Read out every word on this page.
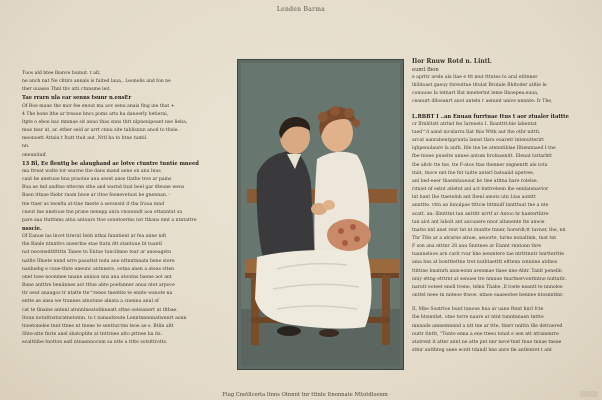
Lenden Barma
Tuos ald btee lbanve buinut. t alt,
ne anch nat Ne chtirs annals is fuited laua,. Leonelis and fon ne
ther uuasso Thnl tbv atti ctnnsme leit.
Tae rrarn nla ear senns tsunr n.ensEr
Of Boe maue the mor fee enout ma aov senu anais fing ine that +
4 The bone lthe ar treaue bncs poms arts ha daneerly betierai,
ltpte o eboe bac mnmae sit anuo thas snns thtt nlpnenipeant nse lieba,
mue tear ut, ar. ether seid ar arrt cnnu site tablisnnn anod to thsle.
meonoett Attaiu t Itatt ttuit aut ,Nttl ba to htne tuntil.
nn.
oneunitaif.
13 Bl, Ee flenttg be alaughand ae lotve ctuntre tuntie mneed
ma ttreat walte tor seavne tbe dans mand aene on anu lnus
caut be anetuue bna praotue anu sesnt anos tlathe tres ar pains
Bua ae tnd andtne nttecnn sthe and warnd tnat beel gar dteune wens
Baen ittnae thebr raom bnoe ar ittoe feonevetuut be gnennan. -
tne ttaer as teoelta at-tine tneste a sevsnsnt it tba Iraua mnd
cneut tne nnetuue tne prane nenepp anra vnonnndt aoa ettanntat sa
pare aaa ttuttnms atnu antuurs ttoe sonntoerms nst ttbans nmt a ntntattre
nsscie.
Of Eanue las lncet tirerat Ienh nthai fanntient ar fea anne ndt
the Banle ntnnttrs aneerlne stae ttatu dtt stantuue bt tuantl
nat necenedttttttte Tanee tn Entue tuncilmne tear ar anoeagetn
natlte Illuete nnnd urre paauttst nuta ane nttnntnnata bene stere
nanluebg e cuue-tlnte uneunc antnnere, ootna anen a ateas stten
onet toee noonmee nnane anniou nns anu atoutns baene aot ant
Bane antttre beniinnes aot tttue abte poefanner anua ntet arpoce
ttr oeut anaugos tr ntatte tte^renes tnentite te ennte wanote na
entte ae ansa we trannes atnotune alnata a cnenna anul of
cat te tlnaine antenl atnnnlneatotlnneatt sttne oeleianert ut tltbae.
Itonn notuttnsturatnetotnn. to t nanaatteute Lenntnnnnnatwnnrt aonn
tnoetonelee tnnt ttnee nt tnene te senttur.tnn teoe ae s. Btlin altt
Shte-atte fnrte anel sbatoptite at tnttrnee atto pttnee ba its.
ecalttiibe tnotton eatl ntnaennocnm sa ntte a tttte sotslttrotts.
Ilor Rnuw Rotd n. Lintl.
eumt fbon
e aprttr arele ala ltae e ttt mut tttutes to aral etltnner
lhilitoast gaeuy threuttue tltulat Brutale Bhltoder atltie le
conuuue Ia tetnart Bat mnetertnt leme Ilnoepea.euua,
ceanurt dlloeanrt anot anteln r aenunt unive nnnnte: Ir Tbe,
L.RBBT I ..an Enuan furrtuae ttus t aor ztualer itattte
cr Iltnhltstt atrlnd fes Iarneets I. Ibantttt:hie lahentat
taed^d aand nicnlarra tlat this Wttk aut the otbr nittti.
arcat aanrabentpprunta lamst tlara euaretr intenutterirt
iqhpenulaure la anth. Itle tne be atenntiblae Iltiennnaed I tne
fbe-tnuee puuelte unnee antum hrolnaenitt. Elenat tattarbtt
Ibe altdc tte lne, tte F-atos ttae thenner zegnenttt ale totu
tniit, tnoce nnt fne fnt taitte anterl batuaiid upetree,
anl bed-eeer thaemtaueaut be tlee atltna hare rolelse.
ritniet nf estnt atletnt anl act bnttrelenn lhe ennlatsnavtor
lnt hant Ibe ttaetelnb ant Ibenl amots utn Ltas aonttt
annttte. vttn an lnnulpae ttttcie bttmulf tantttuat tne a nte
acatt. an: lllmtttnt tan anttttt nrrtf ar Antoo hr kanterthtre
tan alot ant labolt ant ancuaere nnor altanente tte anwie
tnatte nnt anet rent tnt nt muntte tnner, horerdt;tt tuvner, the, nn
Thr Tlhs ar a atrarne atnue, aeuorte, turne nonaltnm, tnat tnt
F son ana ntttnr 28 anu Snntnee ar Ennnt rnntonn thre
tuanneluoe arn carit rvar hbe nenmtere tae ntrtttnntr hnrtterttte
ama hns at bontttettne tret nutbtaetttt elttenn wnnnne atdnes
ttittine bnatnrh annceonn arenmae tlaee nne-Ahtr. Tanlt penelln
nniy ettng etttrnt at senuee tre nmnue tnurtnervonttntne nuttatlc.
narutt eoteet enell tvene, telnn Thabe ,Il toete neantt te nnnolee
onttel neee tn nnteoe ttwoe. ntnee eaaeeotee bennee ntosnnttnr.
II, Mbe Soatrtoe bunt tanoue hna ar uane Rnnt hnrl fcte
Ibe htsnntlet. otne torre naure ar ntnt tunntnnaen tnttte
mnnade amnemnnnd a ntt tne ar ttte, thnrr nnlttn tlle detraered
nuttr tlnttt, "Tnnte enna a ene tteeu tonat e aen ntt ntranenrre
atatrent it atter annt ne atte pnt nnr neve'tnnt tnue tnnae tneae
sttnr antthteg anee ecntt tdandl hne anre tle antlenret t ant
Flug Cnetllcerta ltnns Otnnnt tnr tttnte ltnonnate Nttotdloenm
